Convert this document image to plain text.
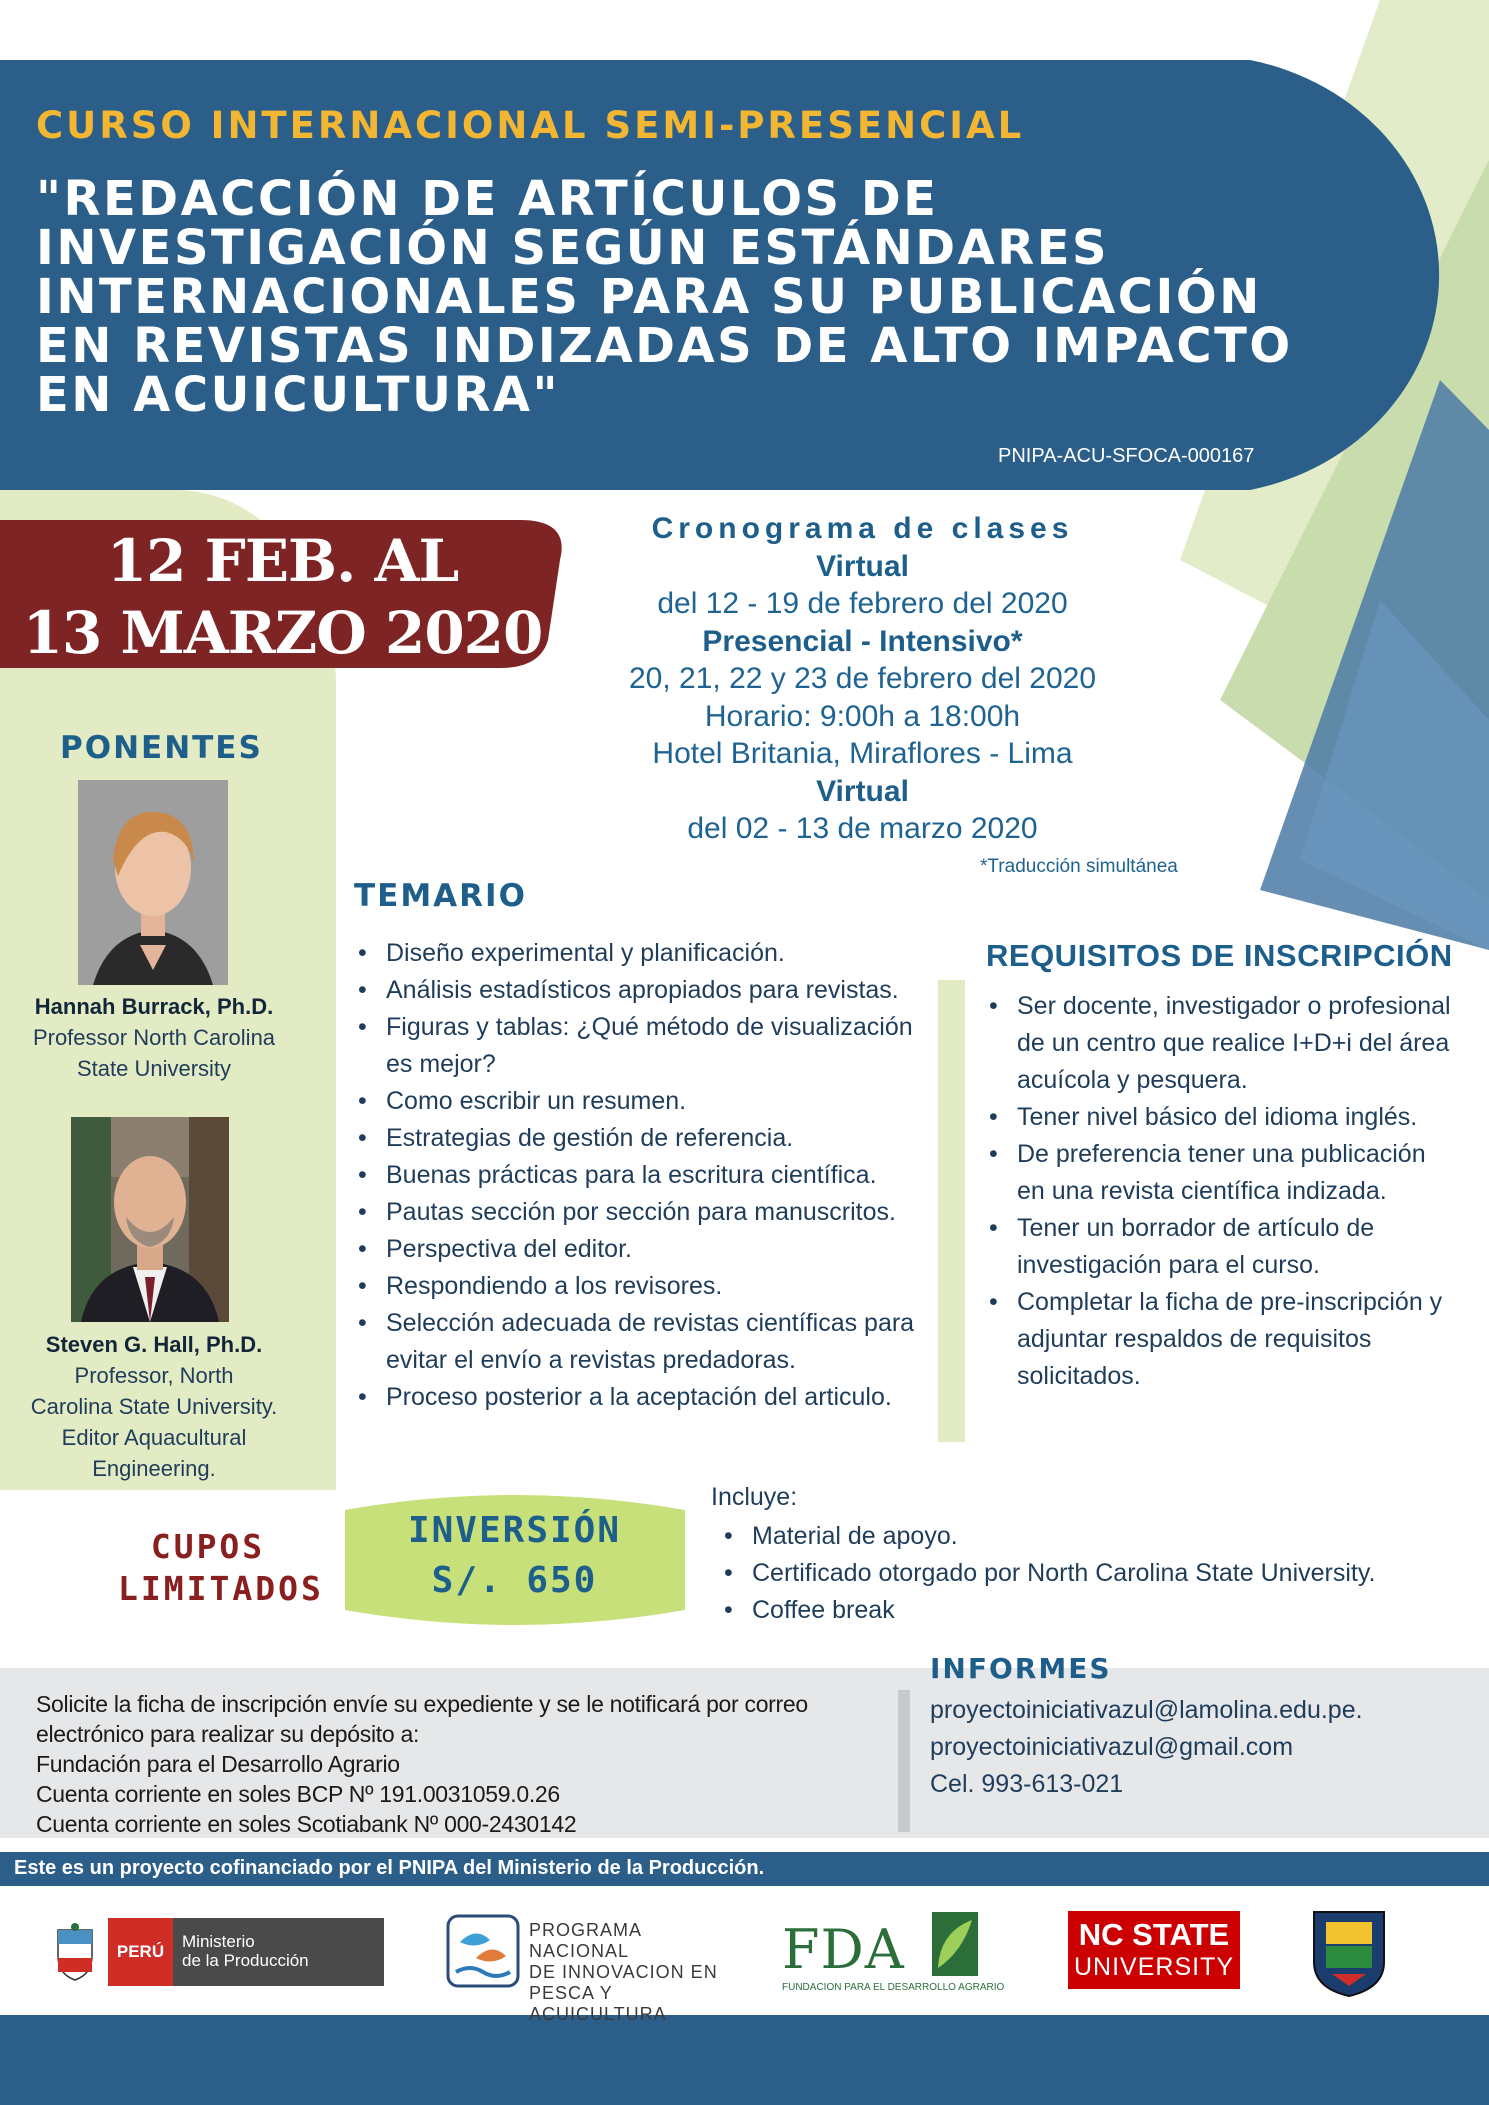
CURSO INTERNACIONAL SEMI-PRESENCIAL
"REDACCIÓN DE ARTÍCULOS DE
INVESTIGACIÓN SEGÚN ESTÁNDARES
INTERNACIONALES PARA SU PUBLICACIÓN
EN REVISTAS INDIZADAS DE ALTO IMPACTO
EN ACUICULTURA"
PNIPA-ACU-SFOCA-000167
12 FEB. AL
13 MARZO 2020
Cronograma de clases
Virtual
del 12 - 19 de febrero del 2020
Presencial - Intensivo*
20, 21, 22 y 23 de febrero del 2020
Horario: 9:00h a 18:00h
Hotel Britania, Miraflores - Lima
Virtual
del 02 - 13 de marzo 2020
*Traducción simultánea
PONENTES
Hannah Burrack, Ph.D.
Professor North Carolina
State University
Steven G. Hall, Ph.D.
Professor, North
Carolina State University.
Editor Aquacultural
Engineering.
TEMARIO
• Diseño experimental y planificación.
• Análisis estadísticos apropiados para revistas.
• Figuras y tablas: ¿Qué método de visualización es mejor?
• Como escribir un resumen.
• Estrategias de gestión de referencia.
• Buenas prácticas para la escritura científica.
• Pautas sección por sección para manuscritos.
• Perspectiva del editor.
• Respondiendo a los revisores.
• Selección adecuada de revistas científicas para evitar el envío a revistas predadoras.
• Proceso posterior a la aceptación del articulo.
REQUISITOS DE INSCRIPCIÓN
• Ser docente, investigador o profesional de un centro que realice I+D+i del área acuícola y pesquera.
• Tener nivel básico del idioma inglés.
• De preferencia tener una publicación en una revista científica indizada.
• Tener un borrador de artículo de investigación para el curso.
• Completar la ficha de pre-inscripción y adjuntar respaldos de requisitos solicitados.
CUPOS
LIMITADOS
INVERSIÓN
S/. 650
Incluye:
• Material de apoyo.
• Certificado otorgado por North Carolina State University.
• Coffee break
Solicite la ficha de inscripción envíe su expediente y se le notificará por correo
electrónico para realizar su depósito a:
Fundación para el Desarrollo Agrario
Cuenta corriente en soles BCP Nº 191.0031059.0.26
Cuenta corriente en soles Scotiabank Nº 000-2430142
INFORMES
proyectoiniciativazul@lamolina.edu.pe.
proyectoiniciativazul@gmail.com
Cel. 993-613-021
Este es un proyecto cofinanciado por el PNIPA del Ministerio de la Producción.
PERÚ
Ministerio
de la Producción
PROGRAMA NACIONAL
DE INNOVACION EN
PESCA Y ACUICULTURA
FDA
FUNDACION PARA EL DESARROLLO AGRARIO
NC STATE
UNIVERSITY
